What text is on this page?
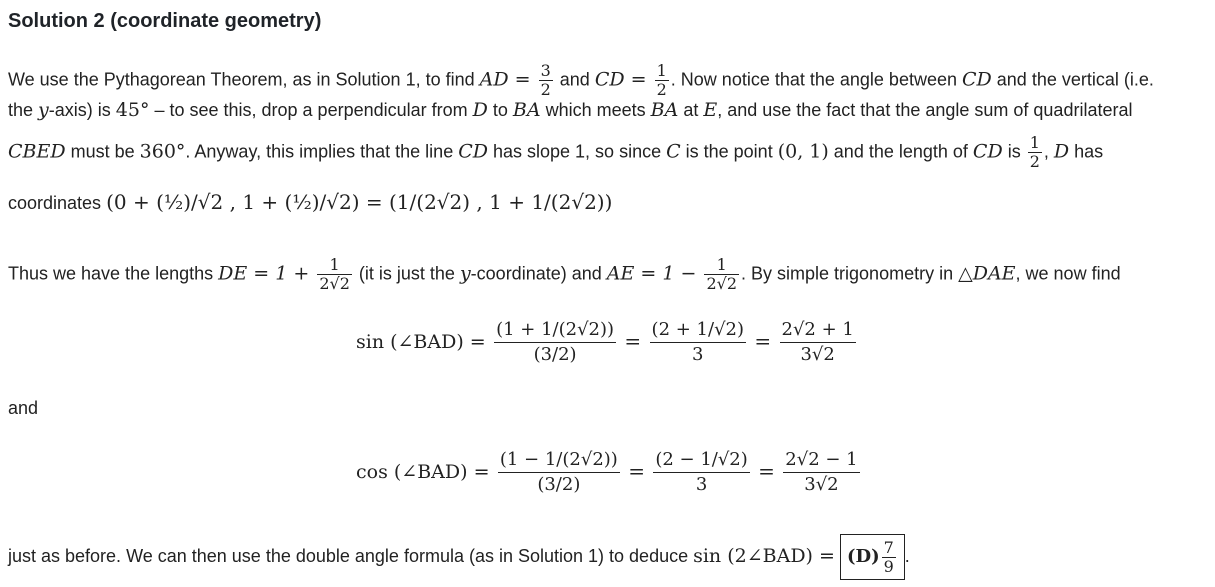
Solution 2 (coordinate geometry)
We use the Pythagorean Theorem, as in Solution 1, to find AD = $\frac{3}{2}$ and CD = $\frac{1}{2}$ . Now notice that the angle between CD and the vertical (i.e.
the y-axis) is 45° – to see this, drop a perpendicular from D to BA which meets BA at E, and use the fact that the angle sum of quadrilateral
CBED must be 360°. Anyway, this implies that the line CD has slope 1, so since C is the point (0, 1) and the length of CD is $\frac{1}{2}$ , D has
coordinates (0 + (½)/√2 , 1 + (½)/√2) = (1/(2√2) , 1 + 1/(2√2))
Thus we have the lengths DE = $1 + \frac{1}{2√2} (it$ is just the y-coordinate) and AE = $1 - \frac{1}{2√2}$ . By simple trigonometry in △DAE, we now find
sin (∠BAD) = $\frac{(1 + 1/(2√2))}{(3/2)} = \frac{(2 + 1/√2)}{3} = \frac{2√2 + 1}{3√2}$
and
cos (∠BAD) = $\frac{(1 - 1/(2√2))}{(3/2)} = \frac{(2 - 1/√2)}{3} = \frac{2√2 - 1}{3√2}$
just as before. We can then use the double angle formula (as in Solution 1) to deduce sin (2∠BAD) = $(D) \frac{7}{9}$ .
